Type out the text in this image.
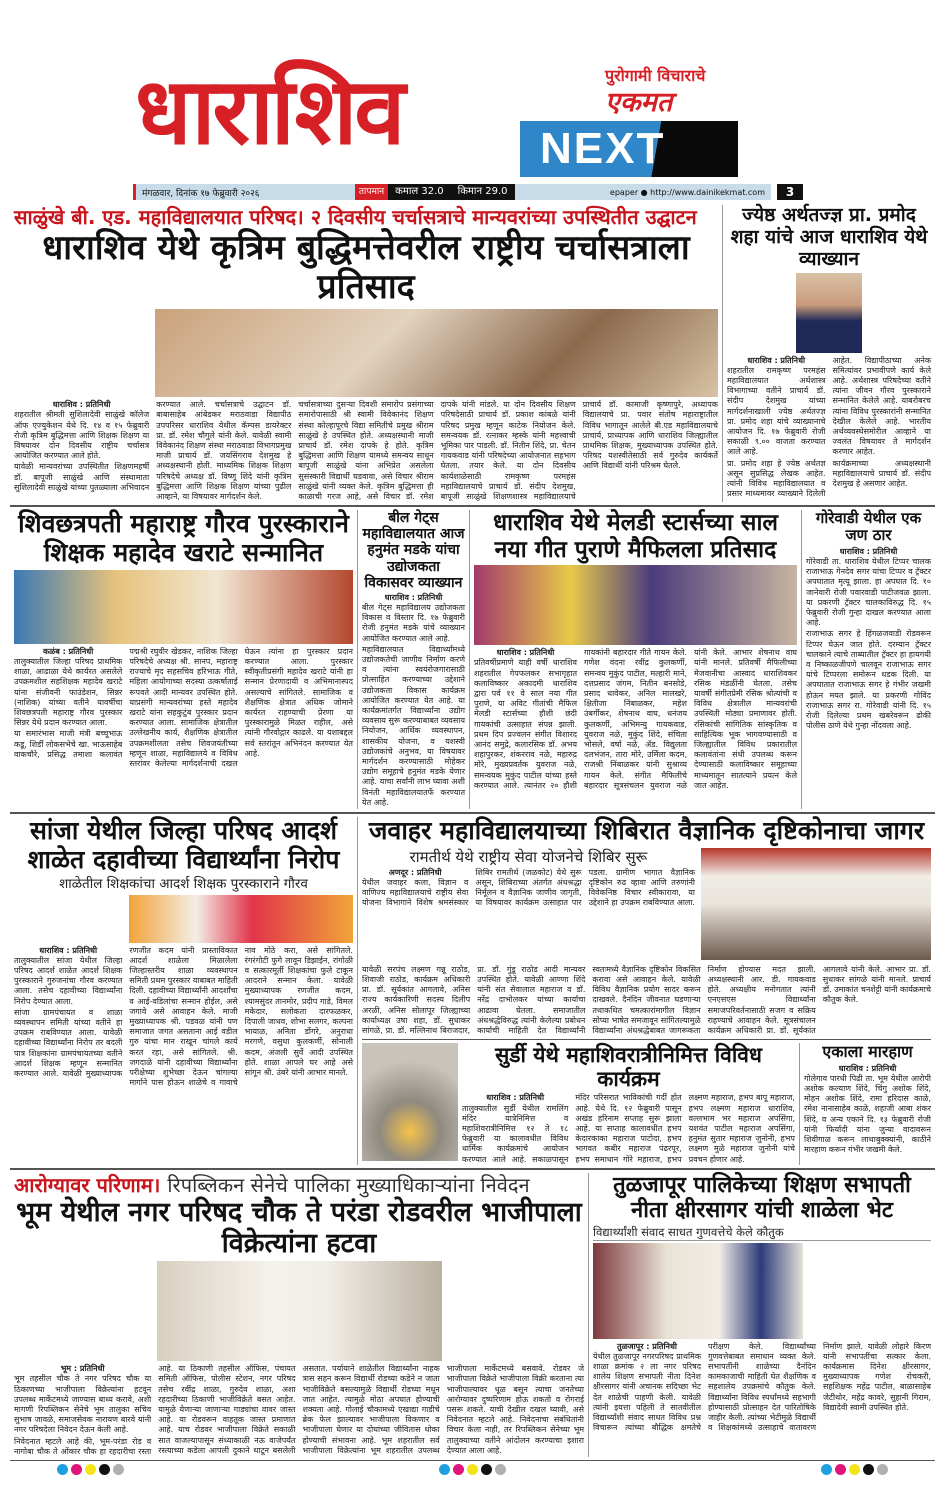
धाराशिव	पुरोगामी विचाराचे
एकमत
NEXT
मंगळवार, दिनांक १७ फेब्रुवारी २०२६	तापमान	कमाल 32.0	किमान 29.0	epaper ● http://www.dainikekmat.com	3
साळुंखे बी. एड. महाविद्यालयात परिषद। २ दिवसीय चर्चासत्राचे मान्यवरांच्या उपस्थितीत उद्घाटन
धाराशिव येथे कृत्रिम बुद्धिमत्तेवरील राष्ट्रीय चर्चासत्राला प्रतिसाद
धाराशिव : प्रतिनिधी

शहरातील श्रीमती सुशिलादेवी साळुंखे कॉलेज ऑफ एज्युकेशन येथे दि. १४ व १५ फेब्रुवारी रोजी कृत्रिम बुद्धिमत्ता आणि शिक्षक शिक्षण या विषयावर दोन दिवसीय राष्ट्रीय चर्चासत्र आयोजित करण्यात आले होते.

यावेळी मान्यवरांच्या उपस्थितीत शिक्षणमहर्षी डॉ. बापूजी साळुंखे आणि संस्थामाता सुशिलादेवी साळुंखे यांच्या पुतळ्याला अभिवादन करण्यात आले. चर्चासत्राचे उद्घाटन डॉ. बाबासाहेब आंबेडकर मराठवाडा विद्यापीठ उपपरिसर धाराशिव येथील कॅम्पस डायरेक्टर प्रा. डॉ. रमेश चौगुले यांनी केले. यावेळी स्वामी विवेकानंद शिक्षण संस्था मराठवाडा विभागप्रमुख माजी प्राचार्य डॉ. जयसिंगराव देशमुख हे अध्यक्षस्थानी होती. माध्यमिक शिक्षक शिक्षण परिषदेचे अध्यक्ष डॉ. विष्णू शिंदे यांनी कृत्रिम बुद्धिमत्ता आणि शिक्षक शिक्षण यांच्या पुढील आव्हाने, या विषयावर मार्गदर्शन केले.

चर्चासत्राच्या दुसऱ्या दिवशी समारोप प्रसंगाच्या समारोपासाठी श्री स्वामी विवेकानंद शिक्षण संस्था कोल्हापूरचे विद्या समितीचे प्रमुख श्रीराम साळुंखे हे उपस्थित होते. अध्यक्षस्थानी माजी प्राचार्य डॉ. रमेश दापके हे होते. कृत्रिम बुद्धिमत्ता आणि शिक्षण यामध्ये समन्वय साधून बापूजी साळुंखे यांना अभिप्रेत असलेला सुसंस्कारी विद्यार्थी घडवावा, असे विचार श्रीराम साळुंखे यांनी व्यक्त केले. कृत्रिम बुद्धिमत्ता ही काळाची गरज आहे, असे विचार डॉ. रमेश दापके यांनी मांडले. या दोन दिवसीय शिक्षण परिषदेसाठी प्राचार्य डॉ. प्रकाश कांबळे यांनी परिषद प्रमुख म्हणून काटेक नियोजन केले. समन्वयक डॉ. रत्नाकर म्हस्के यांनी महत्त्वाची भूमिका पार पाडली. डॉ. नितीन शिंदे, प्रा. चेतन गायकवाड यांनी परिषदेच्या आयोजनात सहभाग घेतला. तयार केले. या दोन दिवसीय कार्यशाळेसाठी रामकृष्ण परमहंस महाविद्यालयाचे प्राचार्य डॉ. संदीप देशमुख, बापूजी साळुंखे शिक्षणशास्त्र महाविद्यालयाचे प्राचार्य डॉ. कामाजी कृष्णापुरे, अध्यापक विद्यालयाचे प्रा. पवार संतोष महाराष्ट्रातील विविध भागातून आलेले बी.एड महाविद्यालयाचे प्राचार्य, प्राध्यापक आणि धाराशिव जिल्ह्यातील प्राथमिक शिक्षक, मुख्याध्यापक उपस्थित होते. परिषद यशस्वीतेसाठी सर्व गुरुदेव कार्यकर्ते आणि विद्यार्थी यांनी परिश्रम घेतले.

ज्येष्ठ अर्थतज्ज्ञ प्रा. प्रमोद शहा यांचे आज धाराशिव येथे व्याख्यान
धाराशिव : प्रतिनिधी

शहरातील रामकृष्ण परमहंस महाविद्यालयात अर्थशास्त्र विभागाच्या वतीने प्राचार्य डॉ. संदीप देशमुख यांच्या मार्गदर्शनाखाली ज्येष्ठ अर्थतज्ज्ञ प्रा. प्रमोद शहा यांचे व्याख्यानाचे आयोजन दि. १७ फेब्रुवारी रोजी सकाळी ९.०० वाजता करण्यात आले आहे.

प्रा. प्रमोद शहा हे ज्येष्ठ अर्थतज्ञ असून सुप्रसिद्ध लेखक आहेत. त्यांनी विविध महाविद्यालयात व प्रसार माध्यमावर व्याख्याने दिलेली आहेत. विद्यापीठाच्या अनेक समित्यांवर प्रभावीपणे कार्य केले आहे. अर्थशास्त्र परिषदेच्या वतीने त्यांना जीवन गौरव पुरस्काराने सन्मानित केलेले आहे. याबरोबरच त्यांना विविध पुरस्कारांनी सन्मानित देखील केलेले आहे. भारतीय अर्थव्यवस्थेसमोरील आव्हाने या ज्वलंत विषयावर ते मार्गदर्शन करणार आहेत.

कार्यक्रमाच्या अध्यक्षस्थानी महाविद्यालयाचे प्राचार्य डॉ. संदीप देशमुख हे असणार आहेत.

शिवछत्रपती महाराष्ट्र गौरव पुरस्काराने शिक्षक महादेव खराटे सन्मानित
कळंब : प्रतिनिधी

तालुक्यातील जिल्हा परिषद प्राथमिक शाळा, आढाळा येथे कार्यरत असलेले उपक्रमशील सहशिक्षक महादेव खराटे यांना संजीवनी फाउंडेशन, सिन्नर (नाशिक) यांच्या वतीने यावर्षीचा शिवछत्रपती महाराष्ट्र गौरव पुरस्कार सिन्नर येथे प्रदान करण्यात आला.

या समारंभास माजी मंत्री बच्चूभाऊ कडू, शिर्डी लोकसभेचे खा. भाऊसाहेब वाकचौरे, प्रसिद्ध तमाशा कलावंत पद्मश्री रघुवीर खेडकर, नाशिक जिल्हा परिषदेचे अध्यक्ष श्री. सानप, महाराष्ट्र राज्याचे मृद सहसचिव हरिभाऊ गीते, महिला आयोगाच्या सदस्या उत्कर्षाताई रूपवते आदी मान्यवर उपस्थित होते. याप्रसंगी मान्यवरांच्या हस्ते महादेव खराटे यांना सहकुटुंब पुरस्कार प्रदान करण्यात आला. सामाजिक क्षेत्रातील उल्लेखनीय कार्य, शैक्षणिक क्षेत्रातील उपक्रमशीलता तसेच शिवजयंतीच्या म्हणून शाळा, महाविद्यालये व विविध स्तरांवर केलेल्या मार्गदर्शनाची दखल घेऊन त्यांना हा पुरस्कार प्रदान करण्यात आला. पुरस्कार स्वीकृतीप्रसंगी महादेव खराटे यांनी हा सन्मान प्रेरणादायी व अभिमानास्पद असल्याचे सांगितले. सामाजिक व शैक्षणिक क्षेत्रात अधिक जोमाने कार्यरत राहण्याची प्रेरणा या पुरस्कारामुळे मिळत राहील, असे त्यांनी गौरवोद्गार काढले. या यशाबद्दल सर्व स्तरांतून अभिनंदन करण्यात येत आहे.

बील गेट्स महाविद्यालयात आज हनुमंत मडके यांचा उद्योजकता विकासवर व्याख्यान
धाराशिव : प्रतिनिधी

बील गेट्स महाविद्यालय उद्योजकता विकास व विस्तार दि. १७ फेब्रुवारी रोजी हनुमंत मडके यांचे व्याख्यान आयोजित करण्यात आले आहे.

महाविद्यालयात विद्यार्थ्यांमध्ये उद्योजकतेची जाणीव निर्माण करणे व त्यांना स्वयंरोजगारासाठी प्रोत्साहित करण्याच्या उद्देशाने उद्योजकता विकास कार्यक्रम आयोजित करण्यात येत आहे. या कार्यक्रमांतर्गत विद्यार्थ्यांना उद्योग व्यवसाय सुरू करण्याबाबत व्यवसाय नियोजन, आर्थिक व्यवस्थापन, शासकीय योजना, व यशस्वी उद्योजकांचे अनुभव, या विषयावर मार्गदर्शन करण्यासाठी मोहेकर उद्योग समूहाचे हनुमंत मडके येणार आहे. याचा सर्वांनी लाभ घ्यावा अशी विनंती महाविद्यालयातर्फे करण्यात येत आहे.

धाराशिव येथे मेलडी स्टार्सच्या साल नया गीत पुराणे मैफिलला प्रतिसाद
धाराशिव : प्रतिनिधी

प्रतिवर्षीप्रमाणे याही वर्षी धाराशिव शहरातील गेपफलकर सभागृहात कलाविष्कार अकादमी धाराशिव द्वारा पर्व ११ वे साल नया गीत पुराणे, या अविट गीतांची मैफिल मेलडी स्टार्सच्या हौशी छंदी गायकांची उत्साहात संपन्न झाली. प्रथम दिप प्रज्वलन संगीत विशारद आनंद समुद्रे, कलारसिक डॉ. अभय शहापुरकर, शंकरराव नळे, महारुद्र मोरे, मुख्यप्रवर्तक युवराज नळे, समन्वयक मुकुंद पाटील यांच्या हस्ते करण्यात आले. त्यानंतर २० हौशी गायकांनी बहारदार गीते गायन केले. गणेश वंदना रवींद्र कुलकर्णी, समन्वय मुकुंद पाटील, मल्हारी माने, दत्तप्रसाद जंगम, नितीन बनसोडे, प्रसाद धावेकर, अनिल मालखरे, क्षितीजा निंबाळकर, महेश उंबर्गीकर, शेषनाथ वाघ, धनंजय कुलकर्णी, अभिमन्यु गायकवाड, युवराज नळे, मुकुंद शिंदे, संचिता भोसले, वर्षा नळे, ॲड. विद्युलता दलभंजन, तारा मोरे, उर्मिला कदम, राजश्री निंबाळकर यांनी सुश्राव्य गायन केले. संगीत मैफिलीचे बहारदार सूत्रसंचलन युवराज नळे यांनी केले. आभार शेषनाथ वाघ यांनी मानले. प्रतिवर्षी मैफिलीच्या मेजवानीचा आस्वाद धाराशिवकर रसिक मंडळींनी घेतला. तसेच यावर्षी संगीतप्रेमी रसिक श्रोत्यांची व विविध क्षेत्रातील मान्यवरांची उपस्थिती मोठ्या प्रमाणावर होती. रसिकांची सांगितिक सांस्कृतिक व साहित्यिक भूक भागवण्यासाठी व जिल्ह्यातील विविध प्रकारातील कलावंतांना संधी उपलब्ध करून देण्यासाठी कलाविष्कार समूहाच्या माध्यमातून सातत्याने प्रयत्न केले जात आहेत.

गोरेवाडी येथील एक जण ठार
धाराशिव : प्रतिनिधी

गोरेवाडी ता. धाराशिव येथील टिप्पर चालक राजाभाऊ गेनदेव सगर यांचा टिप्पर व ट्रॅक्टर अपघातात मृत्यू झाला. हा अपघात दि. १० जानेवारी रोजी पवारवाडी पाटीजवळ झाला. या प्रकरणी ट्रॅक्टर चालकाविरुद्ध दि. १५ फेब्रुवारी रोजी गुन्हा दाखल करण्यात आला आहे.

राजाभाऊ सगर हे हिंगळजवाडी रोडवरून टिप्पर घेऊन जात होते. दरम्यान ट्रॅक्टर चालकाने त्याचे ताब्यातील ट्रॅक्टर हा हायगयी व निष्काळजीपणे चालवून राजाभाऊ सगर यांचे टिप्परला समोरून धडक दिली. या अपघातात राजाभाऊ सगर हे गंभीर जखमी होऊन मयत झाले. या प्रकरणी गोविंद राजाभाऊ सगर रा. गोरेवाडी यांनी दि. १५ रोजी दिलेल्या प्रथम खबरेवरून ढोकी पोलीस ठाणे येथे गुन्हा नोंदवला आहे.

सांजा येथील जिल्हा परिषद आदर्श शाळेत दहावीच्या विद्यार्थ्यांना निरोप
शाळेतील शिक्षकांचा आदर्श शिक्षक पुरस्काराने गौरव
धाराशिव : प्रतिनिधी

तालुक्यातील सांजा येथील जिल्हा परिषद आदर्श शाळेत आदर्श शिक्षक पुरस्काराने गुरुजनांचा गौरव करण्यात आला. तसेच दहावीच्या विद्यार्थ्यांना निरोप देण्यात आला.

सांजा ग्रामपंचायत व शाळा व्यवस्थापन समिती यांच्या वतीने हा उपक्रम राबविण्यात आला. यावेळी दहावीच्या विद्यार्थ्यांना निरोप तर बदली पात्र शिक्षकांना ग्रामपंचायतच्या वतीने आदर्श शिक्षक म्हणून सन्मानित करण्यात आले. यावेळी मुख्याध्यापक रणजीत कदम यांनी प्रास्ताविकात आदर्श शाळेला मिळालेला जिल्हास्तरीय शाळा व्यवस्थापन समिती प्रथम पुरस्कार याबाबत माहिती दिली. दहावीच्या विद्यार्थ्यांनी आदर्शांचा व आई-वडिलांचा सन्मान होईल, असे जगावे असे आवाहन केले. माजी मुख्याध्यापक श्री. पडवळ यांनी पण समाजात जगत असताना आई वडील गुरु यांचा मान राखून चांगले कार्य करत रहा, असे सांगितले. श्री. जगदाळे यांनी दहावीच्या विद्यार्थ्यांना परीक्षेच्या शुभेच्छा देऊन चांगल्या मार्गाने पास होऊन शाळेचे व गावाचे नाव मोठे करा, असे सांगितले. रंगरंगोटी फुगे लावून डिझाईन, रांगोळी व सत्कारमूर्ती शिक्षकांचा फुले टाकून आदराने सन्मान केला. यावेळी मुख्याध्यापक रणजीत कदम, श्यामसुंदर तानमोर, प्रदीप गाडे, विमल मकेदार, सलोकता दारफळकर, दिपाली जाधव, शोभा सलगर, कल्पना भायाळ, अनिता डोंगरे, अनुराधा मरगणे, वसुधा कुलकर्णी, सोनाली कदम, अंजली सुर्वे आदी उपस्थित होते. शाळा आपले घर आहे असे सांगून श्री. उंबरे यांनी आभार मानले.

जवाहर महाविद्यालयाच्या शिबिरात वैज्ञानिक दृष्टिकोनाचा जागर
रामतीर्थ येथे राष्ट्रीय सेवा योजनेचे शिबिर सुरू
अणदूर : प्रतिनिधी

येथील जवाहर कला, विज्ञान व वाणिज्य महाविद्यालयाचे राष्ट्रीय सेवा योजना विभागाने विशेष श्रमसंस्कार शिबिर रामतीर्थ (जळकोट) येथे सुरू असून, शिबिराच्या अंतर्गत अंधश्रद्धा निर्मूलन व वैज्ञानिक जाणीव जागृती, या विषयावर कार्यक्रम उत्साहात पार पडला. ग्रामीण भागात वैज्ञानिक दृष्टिकोन रुढ व्हावा आणि तरुणांनी विवेकनिष्ठ विचार स्वीकारावा, या उद्देशाने हा उपक्रम राबविण्यात आला.

यावेळी सरपंच लक्ष्मण गन्नू राठोड, शिवाजी राठोड, कार्यक्रम अधिकारी प्रा. डॉ. सूर्यकांत आगलावे, अनिस राज्य कार्यकारिणी सदस्य दिलीप अरळी, अनिस सोलापूर जिल्ह्याच्या कार्याध्यक्ष उषा शहा, डॉ. सुधाकर सांगळे, प्रा. डॉ. मल्लिनाथ बिराजदार, प्रा. डॉ. गुंडू राठोड आदी मान्यवर उपस्थित होते. यावेळी आण्णा शिंदे यांनी संत सेवालाल महाराज व डॉ. नरेंद्र दाभोलकर यांच्या कार्याचा आढावा घेतला. समाजातील अंधश्रद्धेविरुद्ध त्यांनी केलेल्या प्रबोधन कार्याची माहिती देत विद्यार्थ्यांनी स्वतःमध्ये वैज्ञानिक दृष्टिकोन विकसित करावा असे आवाहन केले. यावेळी विविध वैज्ञानिक प्रयोग सादर करून दाखवले. दैनंदिन जीवनात घडणाऱ्या तथाकथित चमत्कारांमागील विज्ञान सोप्या भाषेत समजावून सांगितल्यामुळे विद्यार्थ्यांना अंधश्रद्धेबाबत जागरूकता निर्माण होण्यास मदत झाली. अध्यक्षस्थानी आर. डी. गायकवाड होते. अध्यक्षीय मनोगतात त्यांनी एनएसएस विद्यार्थ्यांना समाजपरिवर्तनासाठी सजग व सक्रिय राहण्याचे आवाहन केले. सूत्रसंचालन कार्यक्रम अधिकारी प्रा. डॉ. सूर्यकांत आगलावे यांनी केले. आभार प्रा. डॉ. सुधाकर सांगळे यांनी मानले. प्राचार्य डॉ. उमाकांत चनशेट्टी यांनी कार्यक्रमाचे कौतुक केले.

सुर्डी येथे महाशिवरात्रीनिमित्त विविध कार्यक्रम
धाराशिव : प्रतिनिधी

तालुक्यातील सुर्डी येथील रामलिंग मंदिर यात्रेनिमित्त व महाशिवरात्रीनिमित्त १२ ते १८ फेब्रुवारी या कालावधीत विविध धार्मिक कार्यक्रमांचे आयोजन करण्यात आले आहे. सकाळपासून मंदिर परिसरात भाविकांची गर्दी होत आहे. येथे दि. १२ फेब्रुवारी पासून अखंड हरिनाम सप्ताह सुरू झाला आहे. या सप्ताह कालावधीत हभप केदारकाका महाराज पाटोदा, हभप भागवत कबीर महाराज पंढरपूर, हभप समाधान गोरे महाराज, हभप लक्ष्मण महाराज, हभप बापू महाराज, हभप लक्ष्मण महाराज धाराशिव, वल्लभाम भर महाराज अपसिंगा, यशवंत पाटील महाराज अपसिंगा, हनुमंत सुतार महाराज जुनोनी, हभप लक्ष्मण मुळे महाराज जुनोनी यांचे प्रवचन होणार आहे.

एकाला मारहाण
धाराशिव : प्रतिनिधी

गोलेगाव पारधी पिढी ता. भूम येथील आरोपी अशोक कल्याण शिंदे, चिंगु अशोक शिंदे, मोहन अशोक शिंदे, रामा हरिदास काळे, रमेश नानासाहेब काळे, शहाजी आबा शंकर शिंदे, व अन्य एकाने दि. १३ फेब्रुवारी रोजी यांनी फिर्यादी यांना जुन्या वादावरून शिवीगाळ करून लाथाबुक्क्यांनी, काठीने मारहाण करून गंभीर जखमी केले.

आरोग्यावर परिणाम। रिपब्लिकन सेनेचे पालिका मुख्याधिकाऱ्यांना निवेदन
भूम येथील नगर परिषद चौक ते परंडा रोडवरील भाजीपाला विक्रेत्यांना हटवा
भूम : प्रतिनिधी

भूम तहसील चौक ते नगर परिषद चौक या ठिकाणच्या भाजीपाला विक्रेत्यांना हटवून उपलब्ध मार्केटमध्ये जाण्यास बाध्य करावे, अशी मागणी रिपब्लिकन सेनेचे भूम तालुका सचिव सुभाष जावळे, समाजसेवक नारायण बारवे यांनी नगर परिषदेला निवेदन देऊन केली आहे.

निवेदनात म्हटले आहे की, भूम-परंडा रोड व नागोबा चौक ते ओंकार चौक हा रहदारीचा रस्ता आहे. या ठिकाणी तहसील ऑफिस, पंचायत समिती ऑफिस, पोलीस स्टेशन, नगर परिषद तसेच रवींद्र शाळा, गुरुदेव शाळा, अशा रहदारीच्या ठिकाणी भाजीविक्रेते बसत आहेत. यामुळे येणाऱ्या जाणाऱ्या गाड्यांचा वावर जास्त आहे. या रोडवरून वाहतूक जास्त प्रमाणात आहे. याच रोडवर भाजीपाला विक्रेते सकाळी सात वाजल्यापासून संध्याकाळी नऊ वाजेपर्यंत रस्त्याच्या कडेला आपली दुकाने थाटून बसलेली असतात. पर्यायाने शाळेतील विद्यार्थ्यांना नाहक त्रास सहन करून विद्यार्थी रोडच्या कडेने न जाता भाजीविक्रेते बसल्यामुळे विद्यार्थी रोडच्या मधून जात आहेत. त्यामुळे मोठा अपघात होण्याची शक्यता आहे. गोलाई चौकामध्ये एखाद्या गाडीचे ब्रेक फेल झाल्यावर भाजीपाला विकणार व भाजीपाला घेणार या दोघांच्या जीवितास धोका होण्याची संभावना आहे. भूम शहरातील सर्व भाजीपाला विक्रेत्यांना भूम शहरातील उपलब्ध भाजीपाला मार्केटमध्ये बसवावे. रोडवर जे भाजीपाला विक्रेते भाजीपाला विक्री करताना त्या भाजीपाल्यावर धूळ बसून त्याचा जनतेच्या आरोग्यावर दुष्परिणाम होऊ शकतो व रोगराई पसरू शकते. याची देखील दखल घ्यावी, असे निवेदनात म्हटले आहे. निवेदनाचा संबंधितांनी विचार केला नाही, तर रिपब्लिकन सेनेच्या भूम तालुक्याच्या वतीने आंदोलन करण्याचा इशारा देण्यात आला आहे.

तुळजापूर पालिकेच्या शिक्षण सभापती नीता क्षीरसागर यांची शाळेला भेट
विद्यार्थ्यांशी संवाद साधत गुणवत्तेचे केले कौतुक
तुळजापूर : प्रतिनिधी

येथील तुळजापूर नगरपरिषद प्राथमिक शाळा क्रमांक २ ला नगर परिषद शालेय शिक्षण सभापती नीता दिनेश क्षीरसागर यांनी अचानक सदिच्छा भेट देत शाळेची पाहणी केली. यावेळी त्यांनी इयत्ता पहिली ते सातवीतील विद्यार्थ्यांशी संवाद साधत विविध प्रश्न विचारून त्यांच्या बौद्धिक क्षमतेचे परीक्षण केले. विद्यार्थ्यांच्या गुणवत्तेबाबत समाधान व्यक्त केले. सभापतींनी शाळेच्या दैनंदिन कामकाजाची माहिती घेत शैक्षणिक व सहशालेय उपक्रमांचे कौतुक केले. विद्यार्थ्यांना विविध स्पर्धांमध्ये सहभागी होण्यासाठी प्रोत्साहन देत पारितोषिके जाहीर केली. त्यांच्या भेटीमुळे विद्यार्थी व शिक्षकांमध्ये उत्साहाचे वातावरण निर्माण झाले. यावेळी लोहारे किरण यांनी सभापतींचा सत्कार केला. कार्यक्रमास दिनेश क्षीरसागर, मुख्याध्यापक गणेश रोचकरी, सहशिक्षक महेंद्र पाटील, बाळासाहेब जेटीथोर, महेंद्र कावरे, सुहानी गिराम, विद्यादेवी स्वामी उपस्थित होते.
